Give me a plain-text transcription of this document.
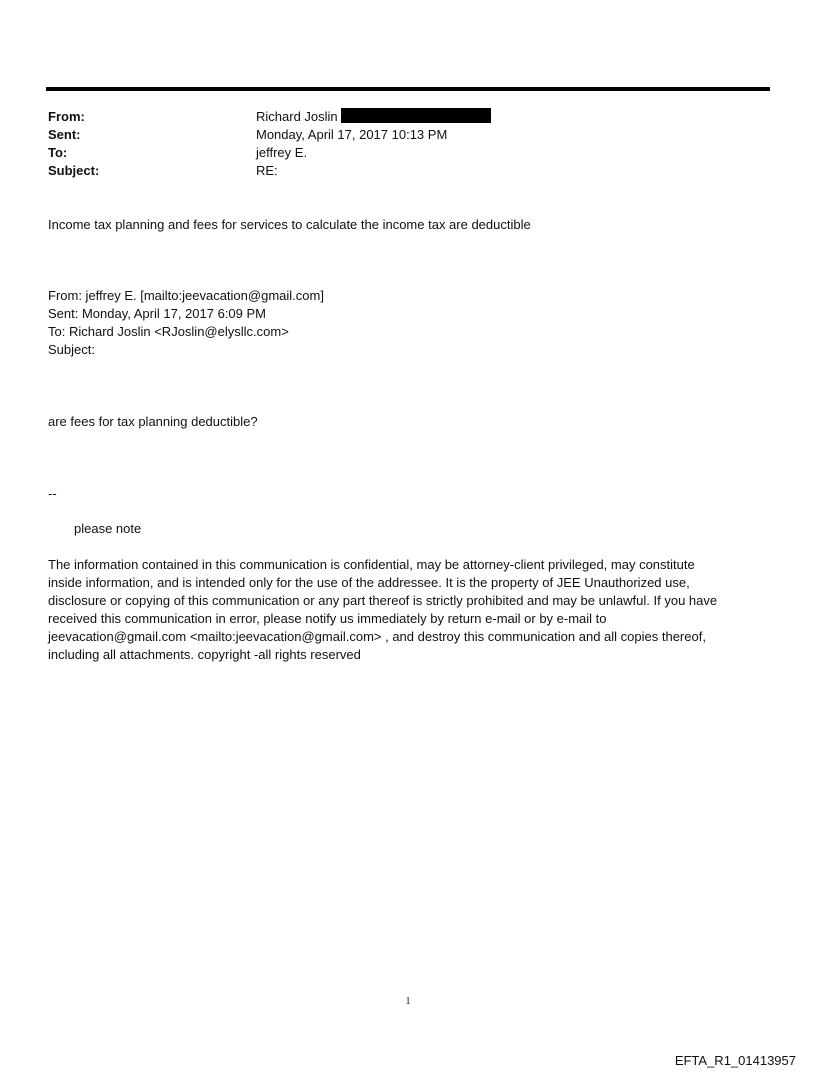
From:	Richard Joslin
Sent:	Monday, April 17, 2017 10:13 PM
To:	jeffrey E.
Subject:	RE:
Income tax planning and fees for services to calculate the income tax are deductible
From: jeffrey E. [mailto:jeevacation@gmail.com]
Sent: Monday, April 17, 2017 6:09 PM
To: Richard Joslin <RJoslin@elysllc.com>
Subject:
are fees for tax planning deductible?
--
please note
The information contained in this communication is confidential, may be attorney-client privileged, may constitute
inside information, and is intended only for the use of the addressee. It is the property of JEE Unauthorized use,
disclosure or copying of this communication or any part thereof is strictly prohibited and may be unlawful. If you have
received this communication in error, please notify us immediately by return e-mail or by e-mail to
jeevacation@gmail.com <mailto:jeevacation@gmail.com> , and destroy this communication and all copies thereof,
including all attachments. copyright -all rights reserved
1
EFTA_R1_01413957
